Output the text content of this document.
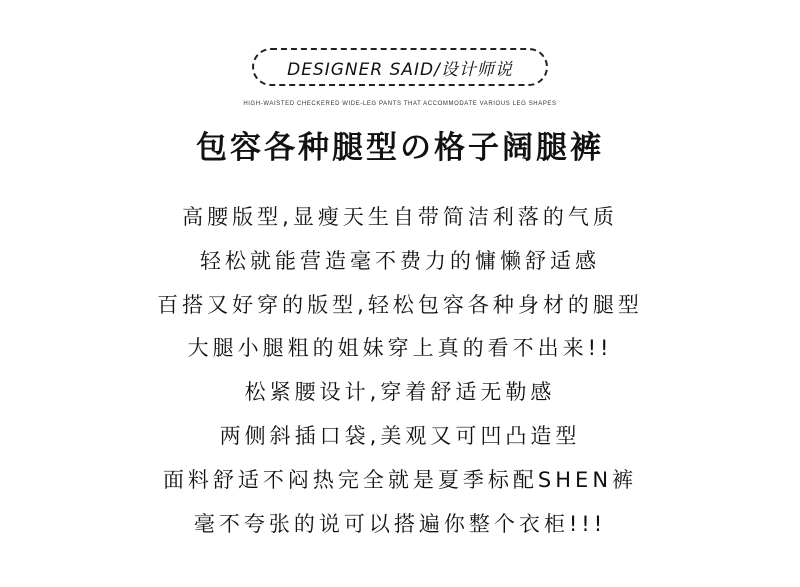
DESIGNER SAID/设计师说
HIGH-WAISTED CHECKERED WIDE-LEG PANTS THAT ACCOMMODATE VARIOUS LEG SHAPES
包容各种腿型の格子阔腿裤
高腰版型,显瘦天生自带简洁利落的气质
轻松就能营造毫不费力的慵懒舒适感
百搭又好穿的版型,轻松包容各种身材的腿型
大腿小腿粗的姐妹穿上真的看不出来!!
松紧腰设计,穿着舒适无勒感
两侧斜插口袋,美观又可凹凸造型
面料舒适不闷热完全就是夏季标配SHEN裤
毫不夸张的说可以搭遍你整个衣柜!!!
